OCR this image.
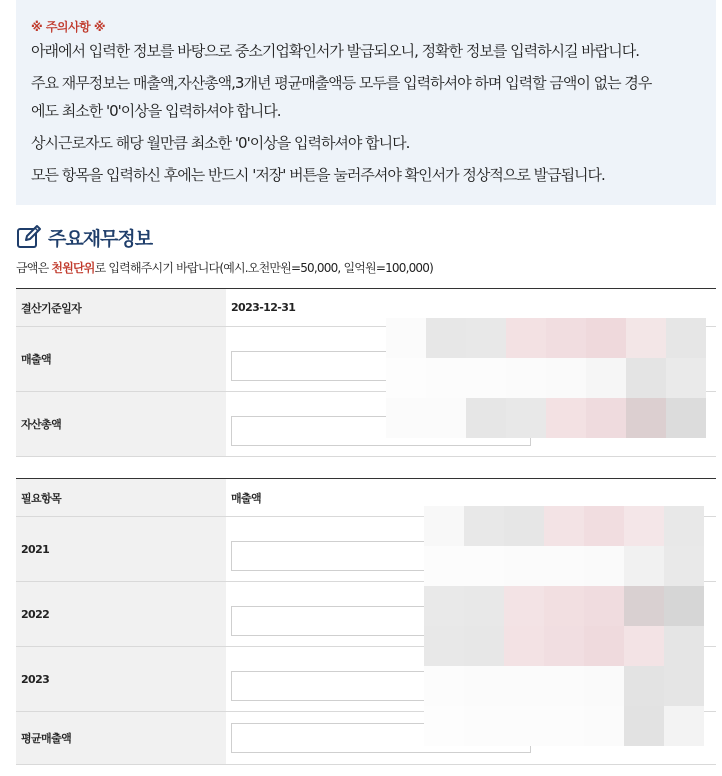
※ 주의사항 ※

아래에서 입력한 정보를 바탕으로 중소기업확인서가 발급되오니, 정확한 정보를 입력하시길 바랍니다.

주요 재무정보는 매출액,자산총액,3개년 평균매출액등 모두를 입력하셔야 하며 입력할 금액이 없는 경우

에도 최소한 '0'이상을 입력하셔야 합니다.

상시근로자도 해당 월만큼 최소한 '0'이상을 입력하셔야 합니다.

모든 항목을 입력하신 후에는 반드시 '저장' 버튼을 눌러주셔야 확인서가 정상적으로 발급됩니다.

주요재무정보
금액은 천원단위로 입력해주시기 바랍니다(예시.오천만원=50,000, 일억원=100,000)
결산기준일자	2023-12-31
매출액	

자산총액	
필요항목	매출액
2021	

2022	

2023	

평균매출액	
